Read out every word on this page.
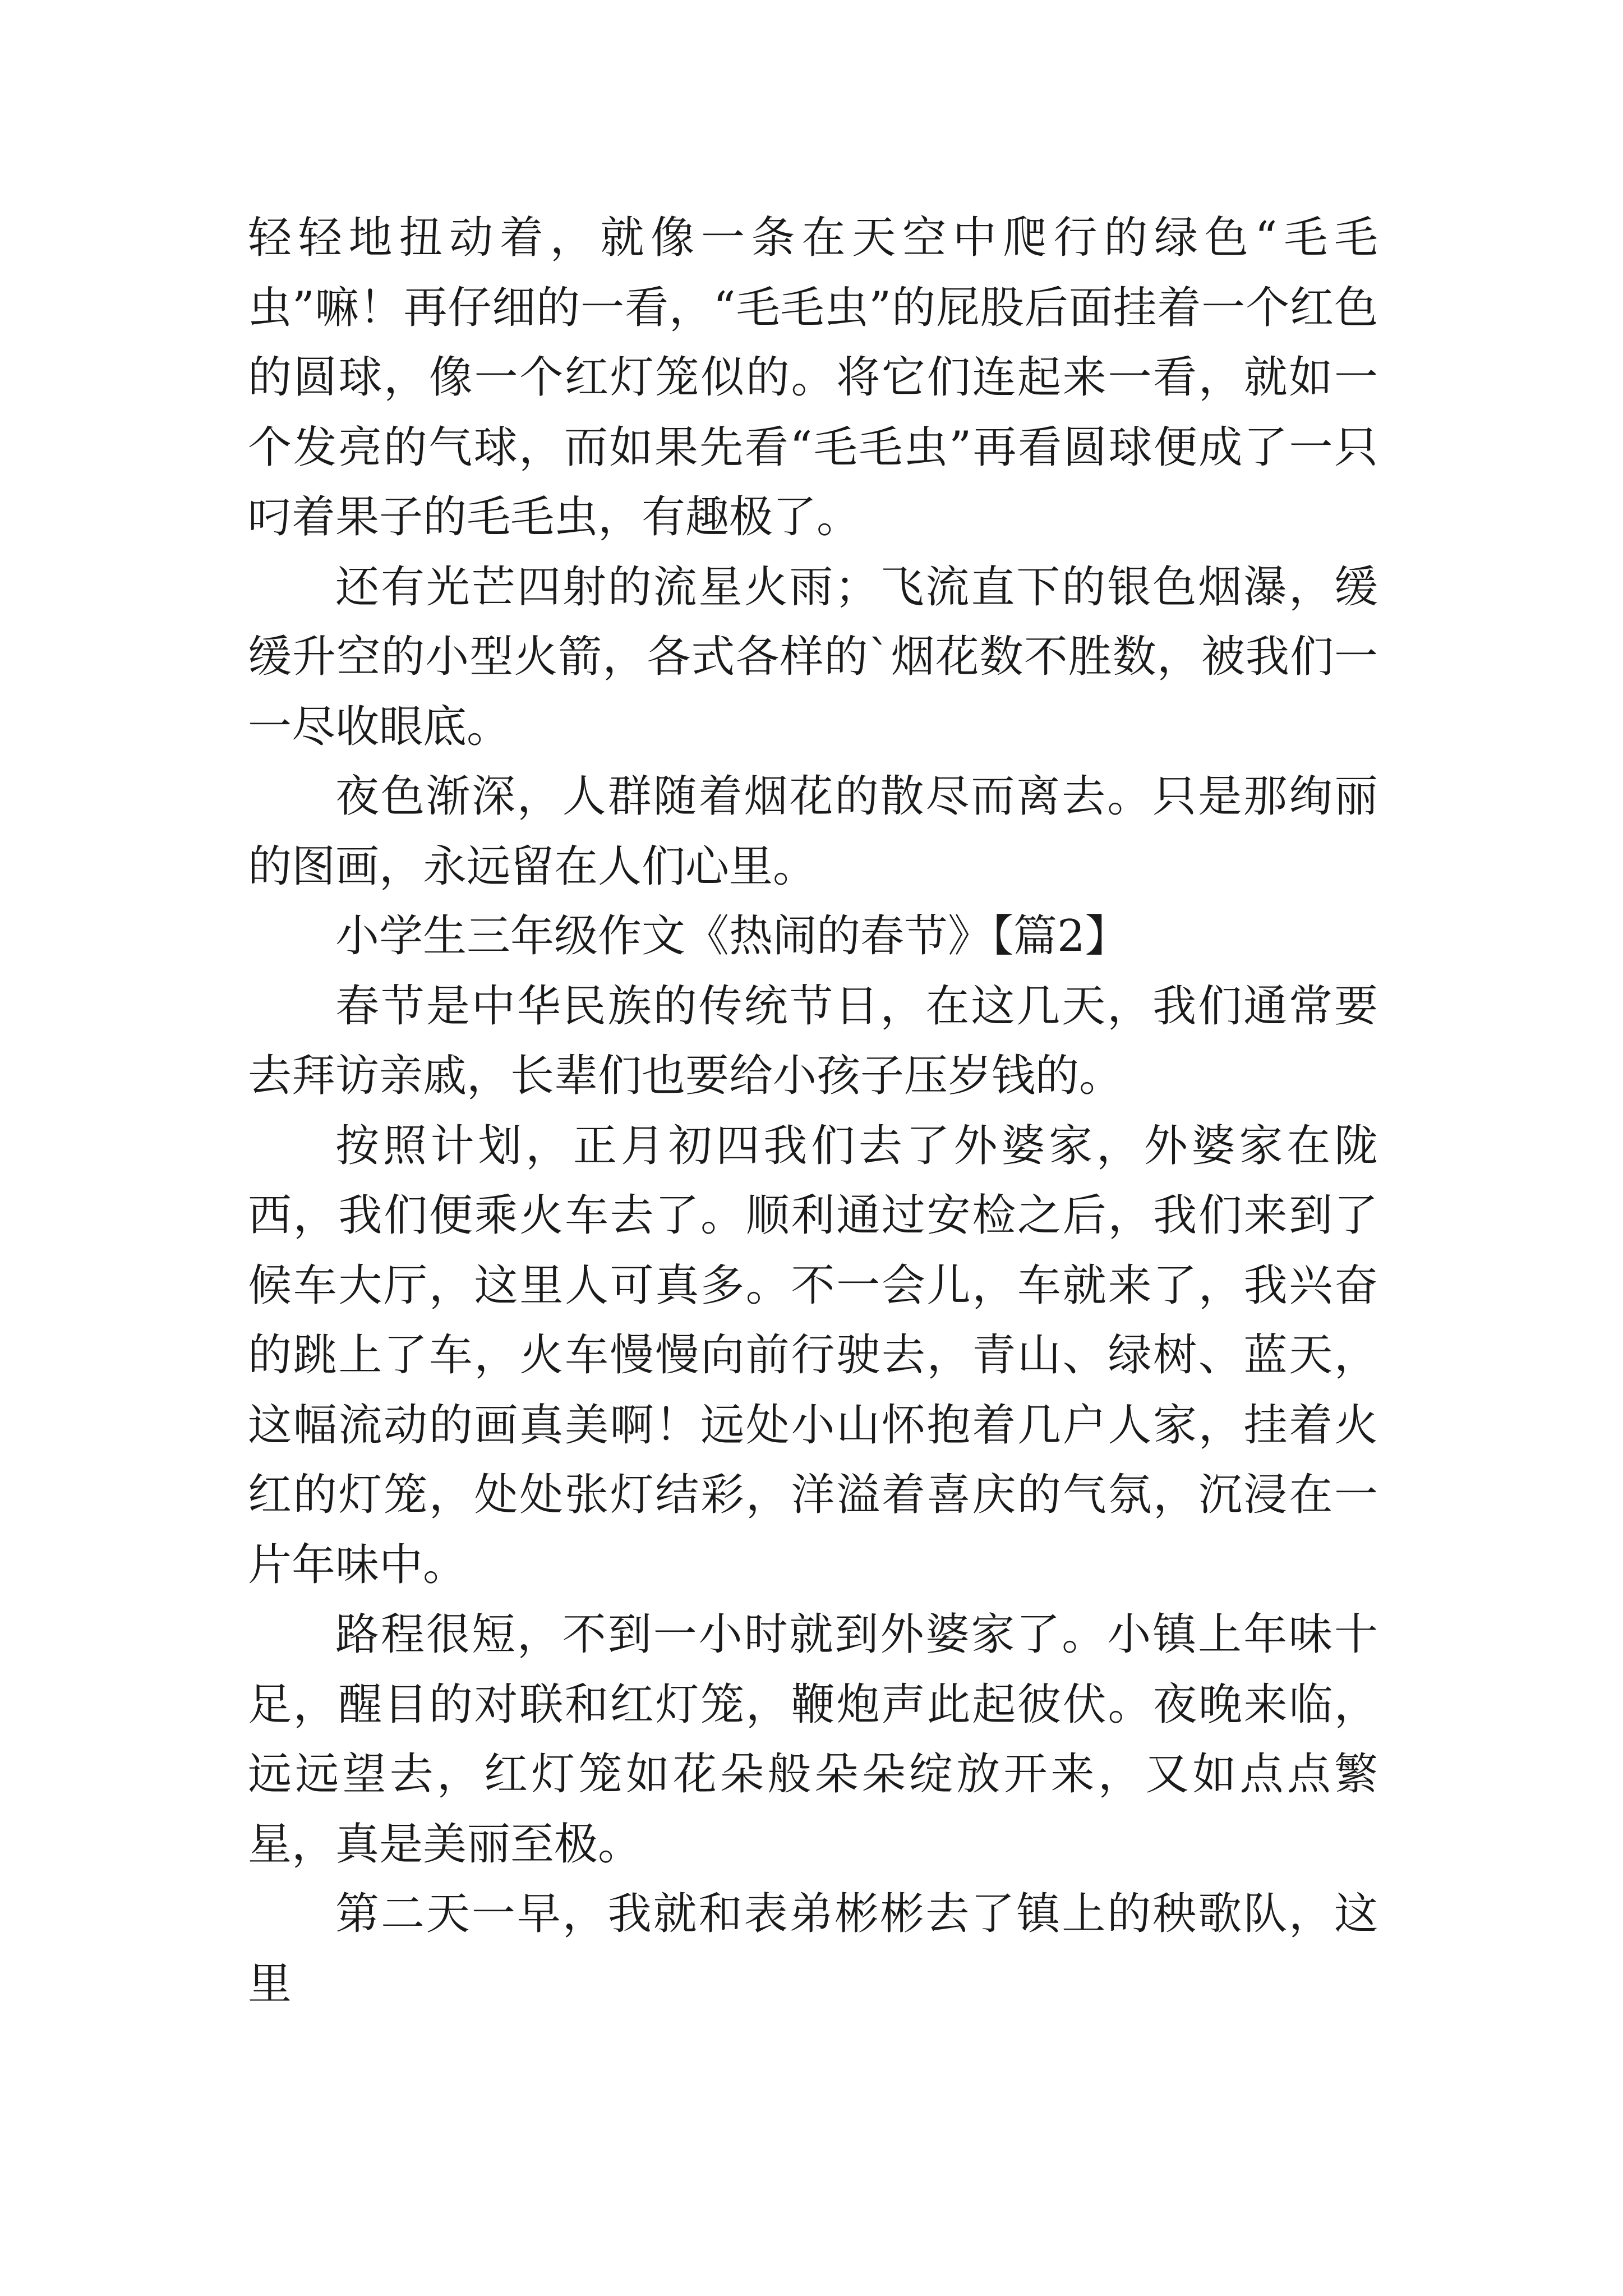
轻轻地扭动着，就像一条在天空中爬行的绿色“毛毛虫”嘛！再仔细的一看，“毛毛虫”的屁股后面挂着一个红色的圆球，像一个红灯笼似的。将它们连起来一看，就如一个发亮的气球，而如果先看“毛毛虫”再看圆球便成了一只叼着果子的毛毛虫，有趣极了。

还有光芒四射的流星火雨；飞流直下的银色烟瀑，缓缓升空的小型火箭，各式各样的`烟花数不胜数，被我们一一尽收眼底。

夜色渐深，人群随着烟花的散尽而离去。只是那绚丽的图画，永远留在人们心里。

小学生三年级作文《热闹的春节》【篇2】

春节是中华民族的传统节日，在这几天，我们通常要去拜访亲戚，长辈们也要给小孩子压岁钱的。

按照计划，正月初四我们去了外婆家，外婆家在陇西，我们便乘火车去了。顺利通过安检之后，我们来到了候车大厅，这里人可真多。不一会儿，车就来了，我兴奋的跳上了车，火车慢慢向前行驶去，青山、绿树、蓝天，这幅流动的画真美啊！远处小山怀抱着几户人家，挂着火红的灯笼，处处张灯结彩，洋溢着喜庆的气氛，沉浸在一片年味中。

路程很短，不到一小时就到外婆家了。小镇上年味十足，醒目的对联和红灯笼，鞭炮声此起彼伏。夜晚来临，远远望去，红灯笼如花朵般朵朵绽放开来，又如点点繁星，真是美丽至极。

第二天一早，我就和表弟彬彬去了镇上的秧歌队，这里
